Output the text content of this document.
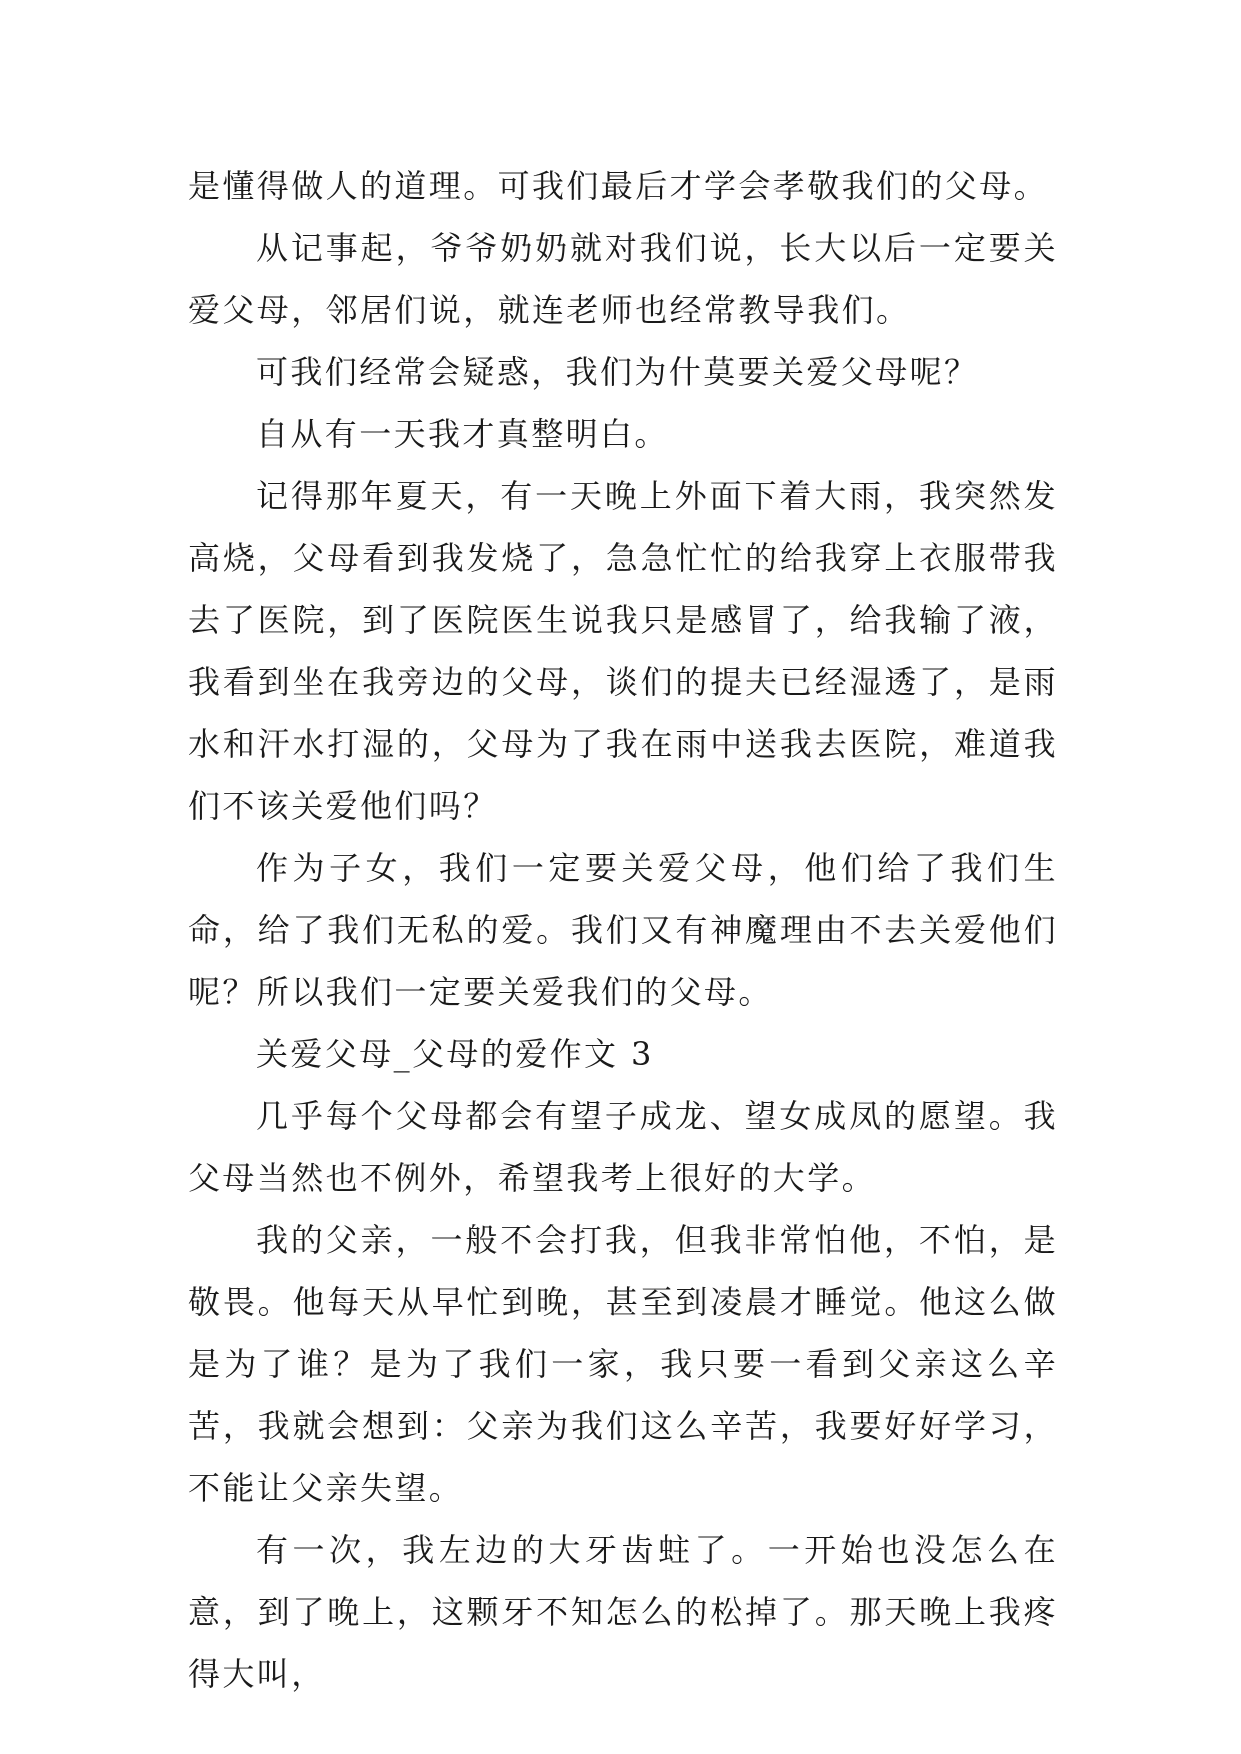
是懂得做人的道理。可我们最后才学会孝敬我们的父母。

从记事起，爷爷奶奶就对我们说，长大以后一定要关爱父母，邻居们说，就连老师也经常教导我们。

可我们经常会疑惑，我们为什莫要关爱父母呢？

自从有一天我才真整明白。

记得那年夏天，有一天晚上外面下着大雨，我突然发高烧，父母看到我发烧了，急急忙忙的给我穿上衣服带我去了医院，到了医院医生说我只是感冒了，给我输了液，我看到坐在我旁边的父母，谈们的提夫已经湿透了，是雨水和汗水打湿的，父母为了我在雨中送我去医院，难道我们不该关爱他们吗？

作为子女，我们一定要关爱父母，他们给了我们生命，给了我们无私的爱。我们又有神魔理由不去关爱他们呢？所以我们一定要关爱我们的父母。

关爱父母_父母的爱作文 3

几乎每个父母都会有望子成龙、望女成凤的愿望。我父母当然也不例外，希望我考上很好的大学。

我的父亲，一般不会打我，但我非常怕他，不怕，是敬畏。他每天从早忙到晚，甚至到凌晨才睡觉。他这么做是为了谁？是为了我们一家，我只要一看到父亲这么辛苦，我就会想到：父亲为我们这么辛苦，我要好好学习，不能让父亲失望。

有一次，我左边的大牙齿蛀了。一开始也没怎么在意，到了晚上，这颗牙不知怎么的松掉了。那天晚上我疼得大叫，
